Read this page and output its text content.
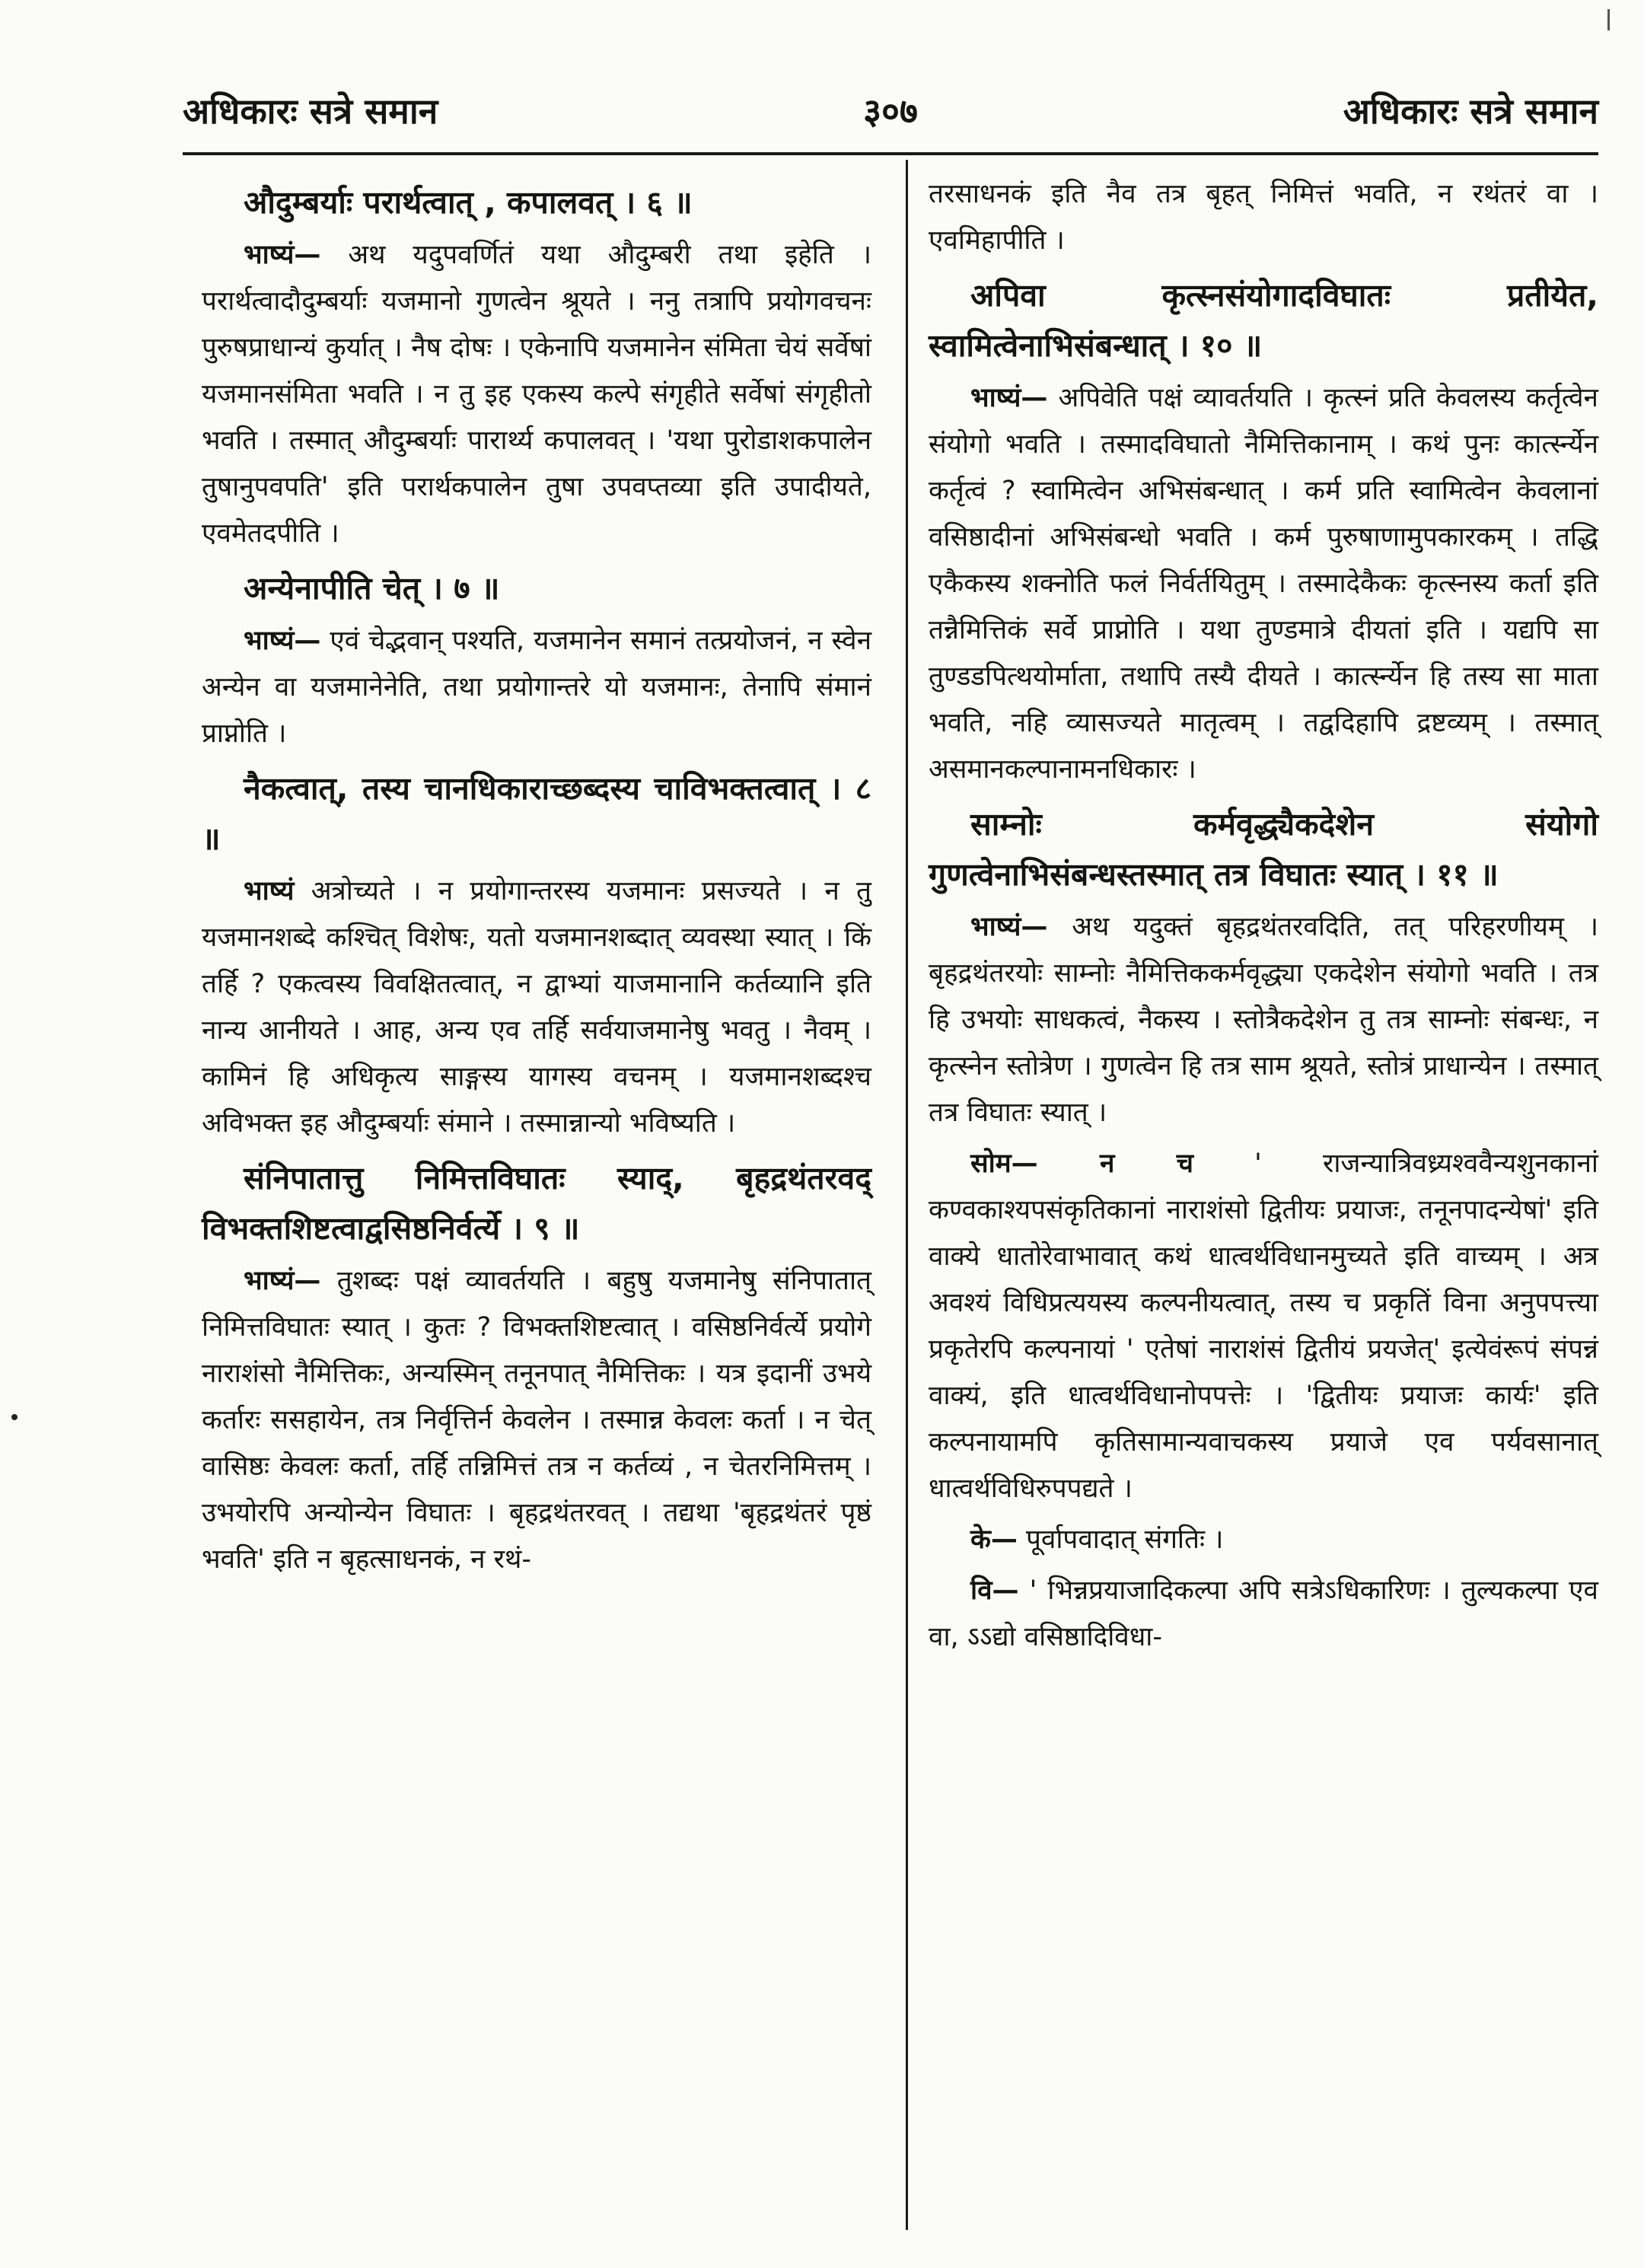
अधिकारः सत्रे समान	३०७	अधिकारः सत्रे समान
औदुम्बर्याः परार्थत्वात् , कपालवत् । ६ ॥
भाष्यं— अथ यदुपवर्णितं यथा औदुम्बरी तथा इहेति । परार्थत्वादौदुम्बर्याः यजमानो गुणत्वेन श्रूयते । ननु तत्रापि प्रयोगवचनः पुरुषप्राधान्यं कुर्यात् । नैष दोषः । एकेनापि यजमानेन संमिता चेयं सर्वेषां यजमानसंमिता भवति । न तु इह एकस्य कल्पे संगृहीते सर्वेषां संगृहीतो भवति । तस्मात् औदुम्बर्याः पारार्थ्य कपालवत् । 'यथा पुरोडाशकपालेन तुषानुपवपति' इति परार्थकपालेन तुषा उपवप्तव्या इति उपादीयते, एवमेतदपीति ।
अन्येनापीति चेत् । ७ ॥
भाष्यं— एवं चेद्भवान् पश्यति, यजमानेन समानं तत्प्रयोजनं, न स्वेन अन्येन वा यजमानेनेति, तथा प्रयोगान्तरे यो यजमानः, तेनापि संमानं प्राप्नोति ।
नैकत्वात्, तस्य चानधिकाराच्छब्दस्य चाविभक्तत्वात् । ८ ॥
भाष्यं अत्रोच्यते । न प्रयोगान्तरस्य यजमानः प्रसज्यते । न तु यजमानशब्दे कश्चित् विशेषः, यतो यजमानशब्दात् व्यवस्था स्यात् । किं तर्हि ? एकत्वस्य विवक्षितत्वात्, न द्वाभ्यां याजमानानि कर्तव्यानि इति नान्य आनीयते । आह, अन्य एव तर्हि सर्वयाजमानेषु भवतु । नैवम् । कामिनं हि अधिकृत्य साङ्गस्य यागस्य वचनम् । यजमानशब्दश्च अविभक्त इह औदुम्बर्याः संमाने । तस्मान्नान्यो भविष्यति ।
संनिपातात्तु निमित्तविघातः स्याद्, बृहद्रथंतरवद् विभक्तशिष्टत्वाद्वसिष्ठनिर्वर्त्ये । ९ ॥
भाष्यं— तुशब्दः पक्षं व्यावर्तयति । बहुषु यजमानेषु संनिपातात् निमित्तविघातः स्यात् । कुतः ? विभक्तशिष्टत्वात् । वसिष्ठनिर्वर्त्ये प्रयोगे नाराशंसो नैमित्तिकः, अन्यस्मिन् तनूनपात् नैमित्तिकः । यत्र इदानीं उभये कर्तारः ससहायेन, तत्र निर्वृत्तिर्न केवलेन । तस्मान्न केवलः कर्ता । न चेत् वासिष्ठः केवलः कर्ता, तर्हि तन्निमित्तं तत्र न कर्तव्यं , न चेतरनिमित्तम् । उभयोरपि अन्योन्येन विघातः । बृहद्रथंतरवत् । तद्यथा 'बृहद्रथंतरं पृष्ठं भवति' इति न बृहत्साधनकं, न रथं-
तरसाधनकं इति नैव तत्र बृहत् निमित्तं भवति, न रथंतरं वा । एवमिहापीति ।
अपिवा कृत्स्नसंयोगादविघातः प्रतीयेत, स्वामित्वेनाभिसंबन्धात् । १० ॥
भाष्यं— अपिवेति पक्षं व्यावर्तयति । कृत्स्नं प्रति केवलस्य कर्तृत्वेन संयोगो भवति । तस्मादविघातो नैमित्तिकानाम् । कथं पुनः कार्त्स्न्येन कर्तृत्वं ? स्वामित्वेन अभिसंबन्धात् । कर्म प्रति स्वामित्वेन केवलानां वसिष्ठादीनां अभिसंबन्धो भवति । कर्म पुरुषाणामुपकारकम् । तद्धि एकैकस्य शक्नोति फलं निर्वर्तयितुम् । तस्मादेकैकः कृत्स्नस्य कर्ता इति तन्नैमित्तिकं सर्वे प्राप्नोति । यथा तुण्डमात्रे दीयतां इति । यद्यपि सा तुण्डडपित्थयोर्माता, तथापि तस्यै दीयते । कार्त्स्न्येन हि तस्य सा माता भवति, नहि व्यासज्यते मातृत्वम् । तद्वदिहापि द्रष्टव्यम् । तस्मात् असमानकल्पानामनधिकारः ।
साम्नोः कर्मवृद्ध्यैकदेशेन संयोगो गुणत्वेनाभिसंबन्धस्तस्मात् तत्र विघातः स्यात् । ११ ॥
भाष्यं— अथ यदुक्तं बृहद्रथंतरवदिति, तत् परिहरणीयम् । बृहद्रथंतरयोः साम्नोः नैमित्तिककर्मवृद्ध्या एकदेशेन संयोगो भवति । तत्र हि उभयोः साधकत्वं, नैकस्य । स्तोत्रैकदेशेन तु तत्र साम्नोः संबन्धः, न कृत्स्नेन स्तोत्रेण । गुणत्वेन हि तत्र साम श्रूयते, स्तोत्रं प्राधान्येन । तस्मात् तत्र विघातः स्यात् ।
सोम— न च ' राजन्यात्रिवध्र्यश्ववैन्यशुनकानां कण्वकाश्यपसंकृतिकानां नाराशंसो द्वितीयः प्रयाजः, तनूनपादन्येषां' इति वाक्ये धातोरेवाभावात् कथं धात्वर्थविधानमुच्यते इति वाच्यम् । अत्र अवश्यं विधिप्रत्ययस्य कल्पनीयत्वात्, तस्य च प्रकृतिं विना अनुपपत्त्या प्रकृतेरपि कल्पनायां ' एतेषां नाराशंसं द्वितीयं प्रयजेत्' इत्येवंरूपं संपन्नं वाक्यं, इति धात्वर्थविधानोपपत्तेः । 'द्वितीयः प्रयाजः कार्यः' इति कल्पनायामपि कृतिसामान्यवाचकस्य प्रयाजे एव पर्यवसानात् धात्वर्थविधिरुपपद्यते ।
के— पूर्वापवादात् संगतिः ।
वि— ' भिन्नप्रयाजादिकल्पा अपि सत्रेऽधिकारिणः । तुल्यकल्पा एव वा, ऽऽद्यो वसिष्ठादिविधा-
